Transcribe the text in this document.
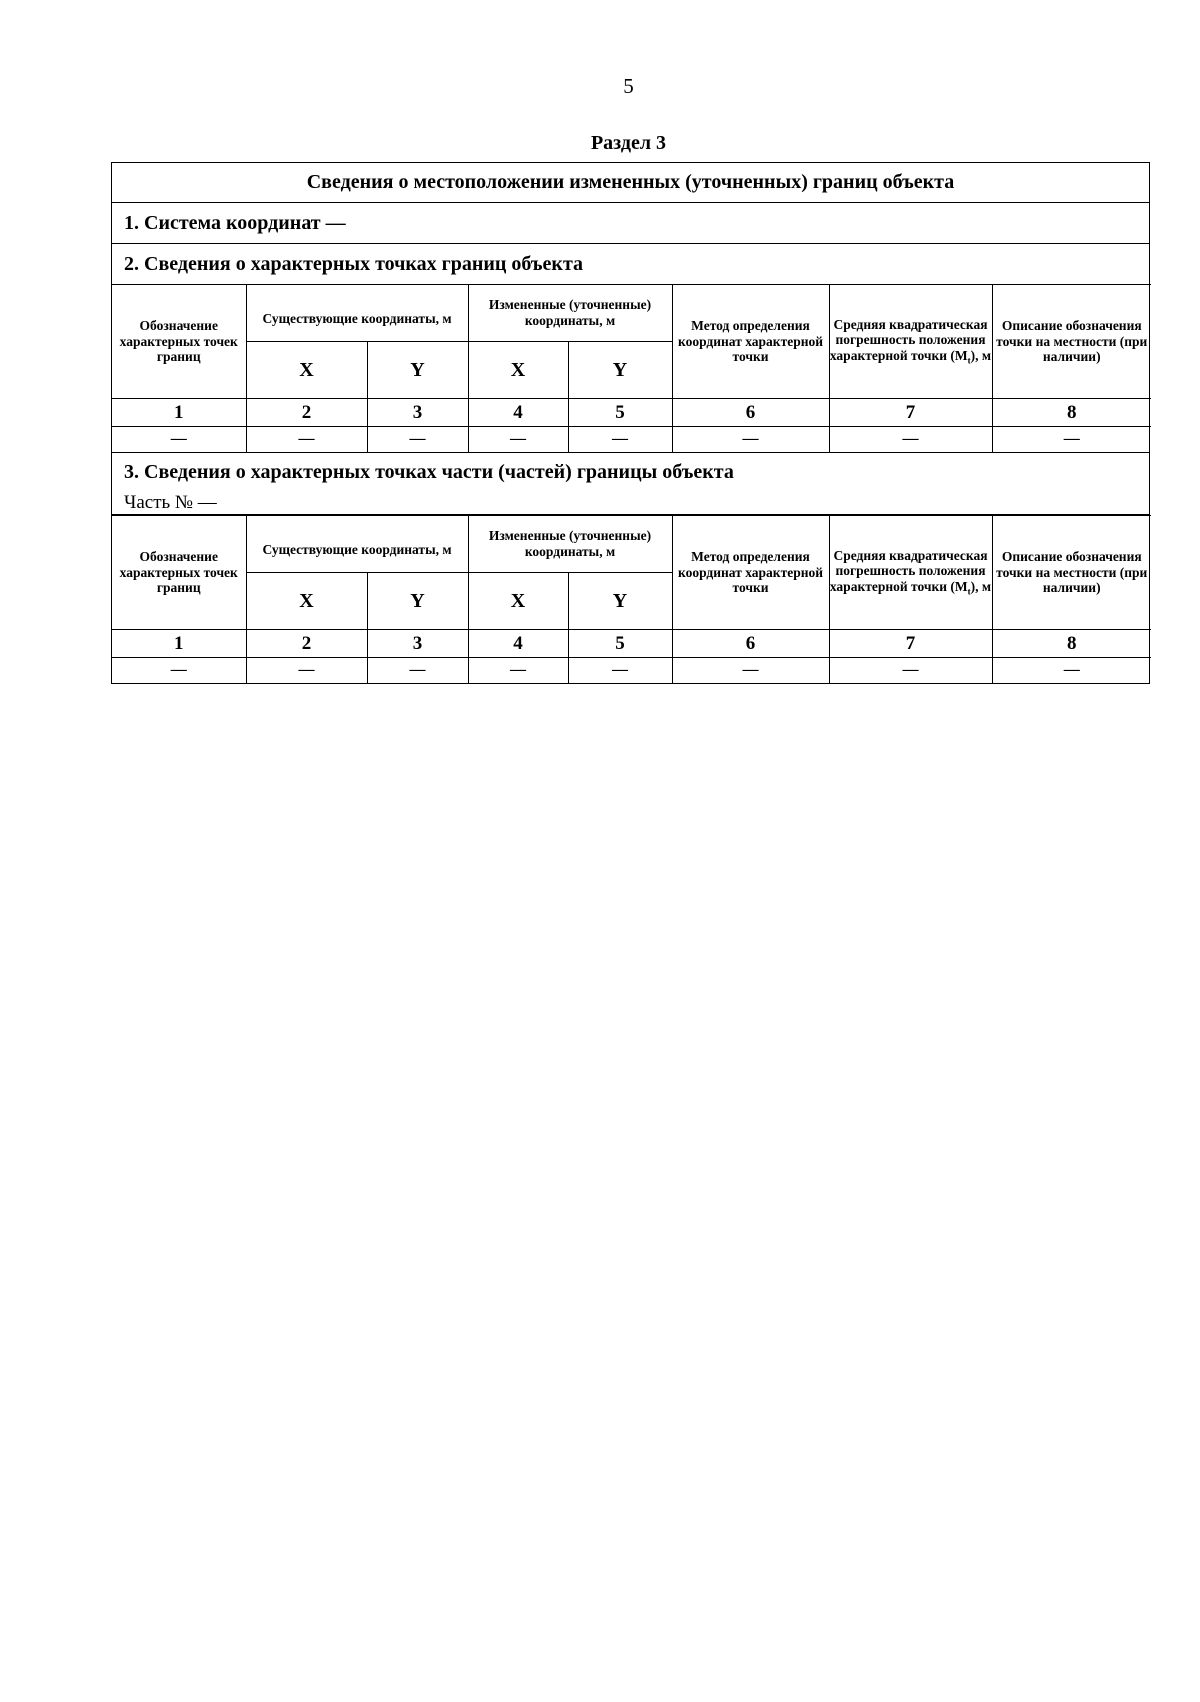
5
Раздел 3
Сведения о местоположении измененных (уточненных) границ объекта
1. Система координат —
2. Сведения о характерных точках границ объекта
Обозначение характерных точек границ	Существующие координаты, м		Измененные (уточненные) координаты, м		Метод определения координат характерной точки	Средняя квадратическая погрешность положения характерной точки $(M_t)$, м	Описание обозначения точки на местности (при наличии)
	X	Y	X	Y			
1	2	3	4	5	6	7	8
—	—	—	—	—	—	—	—
3. Сведения о характерных точках части (частей) границы объекта
Часть № —
Обозначение характерных точек границ	Существующие координаты, м		Измененные (уточненные) координаты, м		Метод определения координат характерной точки	Средняя квадратическая погрешность положения характерной точки $(M_t)$, м	Описание обозначения точки на местности (при наличии)
	X	Y	X	Y			
1	2	3	4	5	6	7	8
—	—	—	—	—	—	—	—
